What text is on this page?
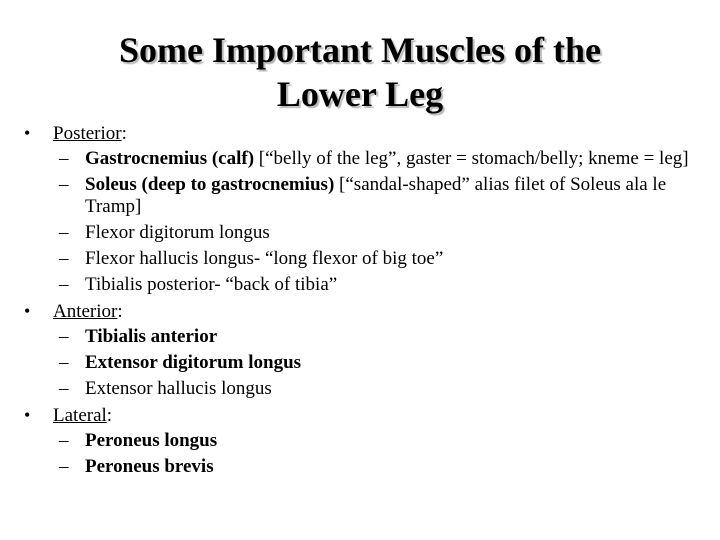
Some Important Muscles of the
Lower Leg
• Posterior:
– Gastrocnemius (calf) [“belly of the leg”, gaster = stomach/belly; kneme = leg]
– Soleus (deep to gastrocnemius) [“sandal-shaped” alias filet of Soleus ala le Tramp]
– Flexor digitorum longus
– Flexor hallucis longus- “long flexor of big toe”
– Tibialis posterior- “back of tibia”
• Anterior:
– Tibialis anterior
– Extensor digitorum longus
– Extensor hallucis longus
• Lateral:
– Peroneus longus
– Peroneus brevis
